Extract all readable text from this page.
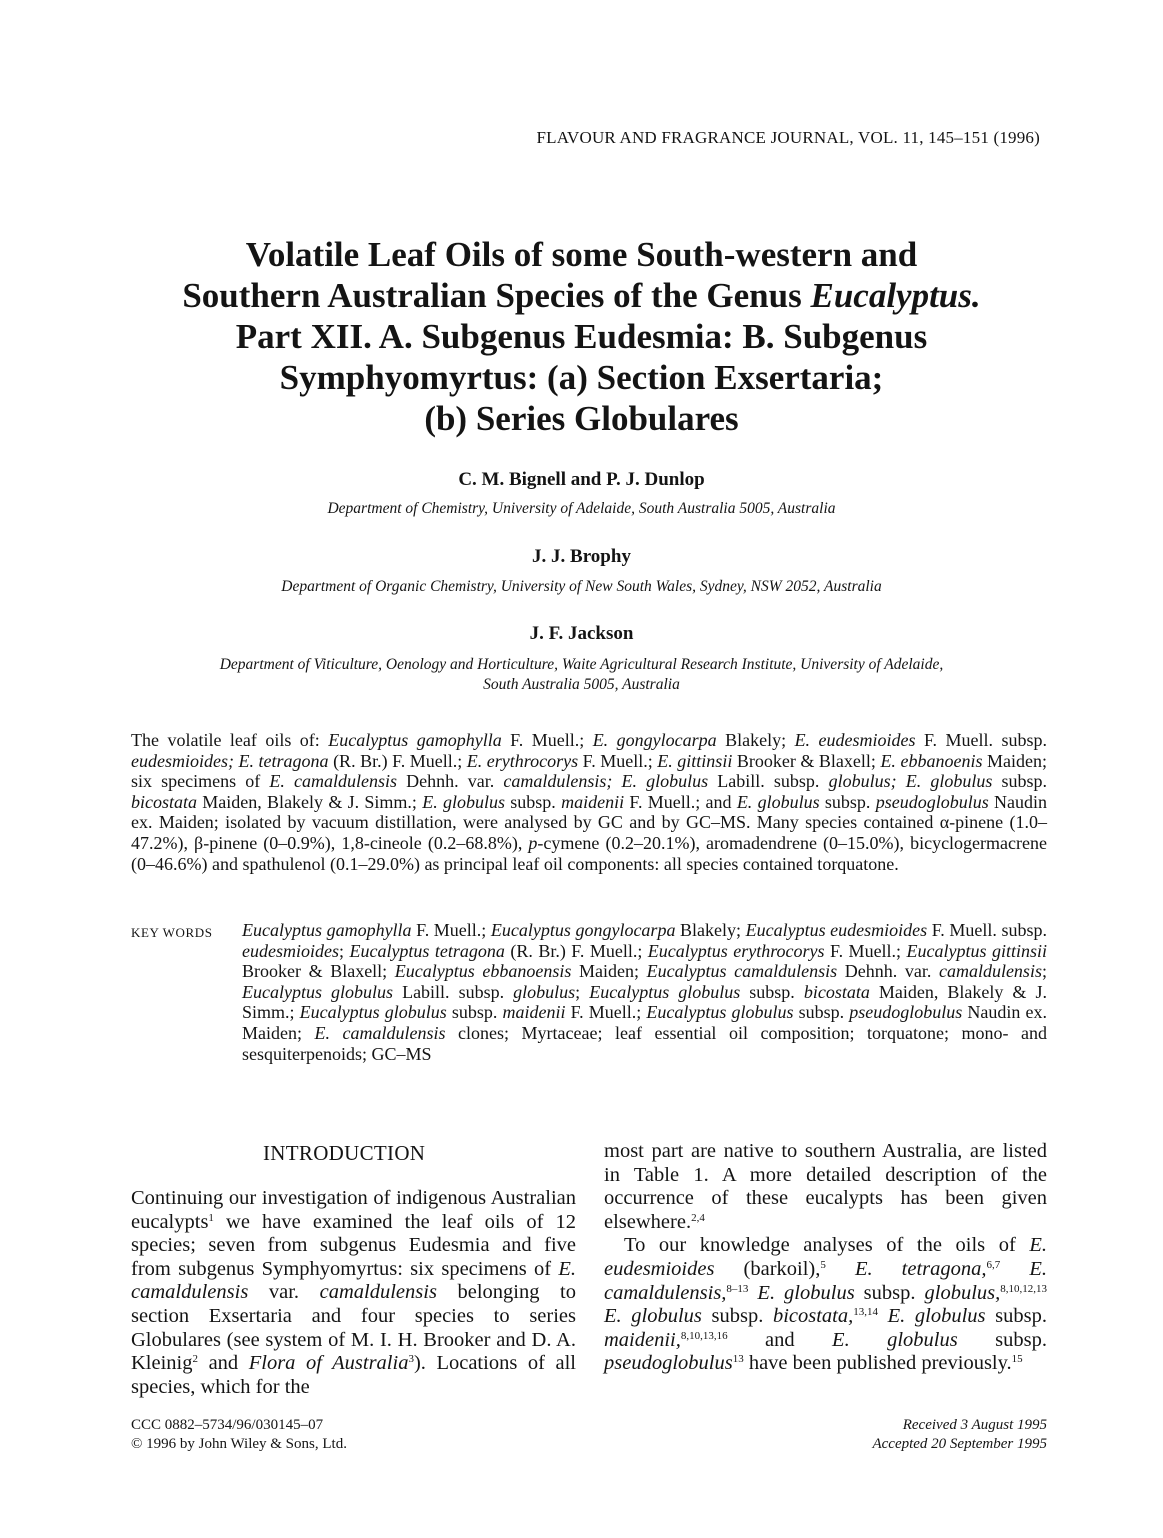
FLAVOUR AND FRAGRANCE JOURNAL, VOL. 11, 145–151 (1996)
Volatile Leaf Oils of some South-western and
Southern Australian Species of the Genus Eucalyptus.
Part XII. A. Subgenus Eudesmia: B. Subgenus
Symphyomyrtus: (a) Section Exsertaria;
(b) Series Globulares
C. M. Bignell and P. J. Dunlop
Department of Chemistry, University of Adelaide, South Australia 5005, Australia
J. J. Brophy
Department of Organic Chemistry, University of New South Wales, Sydney, NSW 2052, Australia
J. F. Jackson
Department of Viticulture, Oenology and Horticulture, Waite Agricultural Research Institute, University of Adelaide,
South Australia 5005, Australia
The volatile leaf oils of: Eucalyptus gamophylla F. Muell.; E. gongylocarpa Blakely; E. eudesmioides F. Muell. subsp. eudesmioides; E. tetragona (R. Br.) F. Muell.; E. erythrocorys F. Muell.; E. gittinsii Brooker & Blaxell; E. ebbanoenis Maiden; six specimens of E. camaldulensis Dehnh. var. camaldulensis; E. globulus Labill. subsp. globulus; E. globulus subsp. bicostata Maiden, Blakely & J. Simm.; E. globulus subsp. maidenii F. Muell.; and E. globulus subsp. pseudoglobulus Naudin ex. Maiden; isolated by vacuum distillation, were analysed by GC and by GC–MS. Many species contained α-pinene (1.0–47.2%), β-pinene (0–0.9%), 1,8-cineole (0.2–68.8%), p-cymene (0.2–20.1%), aromadendrene (0–15.0%), bicyclogermacrene (0–46.6%) and spathulenol (0.1–29.0%) as principal leaf oil components: all species contained torquatone.
KEY WORDS Eucalyptus gamophylla F. Muell.; Eucalyptus gongylocarpa Blakely; Eucalyptus eudesmioides F. Muell. subsp. eudesmioides; Eucalyptus tetragona (R. Br.) F. Muell.; Eucalyptus erythrocorys F. Muell.; Eucalyptus gittinsii Brooker & Blaxell; Eucalyptus ebbanoensis Maiden; Eucalyptus camaldulensis Dehnh. var. camaldulensis; Eucalyptus globulus Labill. subsp. globulus; Eucalyptus globulus subsp. bicostata Maiden, Blakely & J. Simm.; Eucalyptus globulus subsp. maidenii F. Muell.; Eucalyptus globulus subsp. pseudoglobulus Naudin ex. Maiden; E. camaldulensis clones; Myrtaceae; leaf essential oil composition; torquatone; mono- and sesquiterpenoids; GC–MS
INTRODUCTION

Continuing our investigation of indigenous Australian eucalypts$^1$ we have examined the leaf oils of 12 species; seven from subgenus Eudesmia and five from subgenus Symphyomyrtus: six specimens of E. camaldulensis var. camaldulensis belonging to section Exsertaria and four species to series Globulares (see system of M. I. H. Brooker and D. A. Kleinig$^2$ and Flora of Australia$^3$). Locations of all species, which for the

most part are native to southern Australia, are listed in Table 1. A more detailed description of the occurrence of these eucalypts has been given elsewhere.$^{2,4}$

To our knowledge analyses of the oils of E. eudesmioides (barkoil),$^5$ E. tetragona,$^{6,7}$ E. camaldulensis,$^{8-13}$ E. globulus subsp. globulus,$^{8,10,12,13}$ E. globulus subsp. bicostata,$^{13,14}$ E. globulus subsp. maidenii,$^{8,10,13,16}$ and E. globulus subsp. pseudoglobulus$^{13}$ have been published previously.$^{15}$

CCC 0882–5734/96/030145–07
© 1996 by John Wiley & Sons, Ltd.
Received 3 August 1995
Accepted 20 September 1995
